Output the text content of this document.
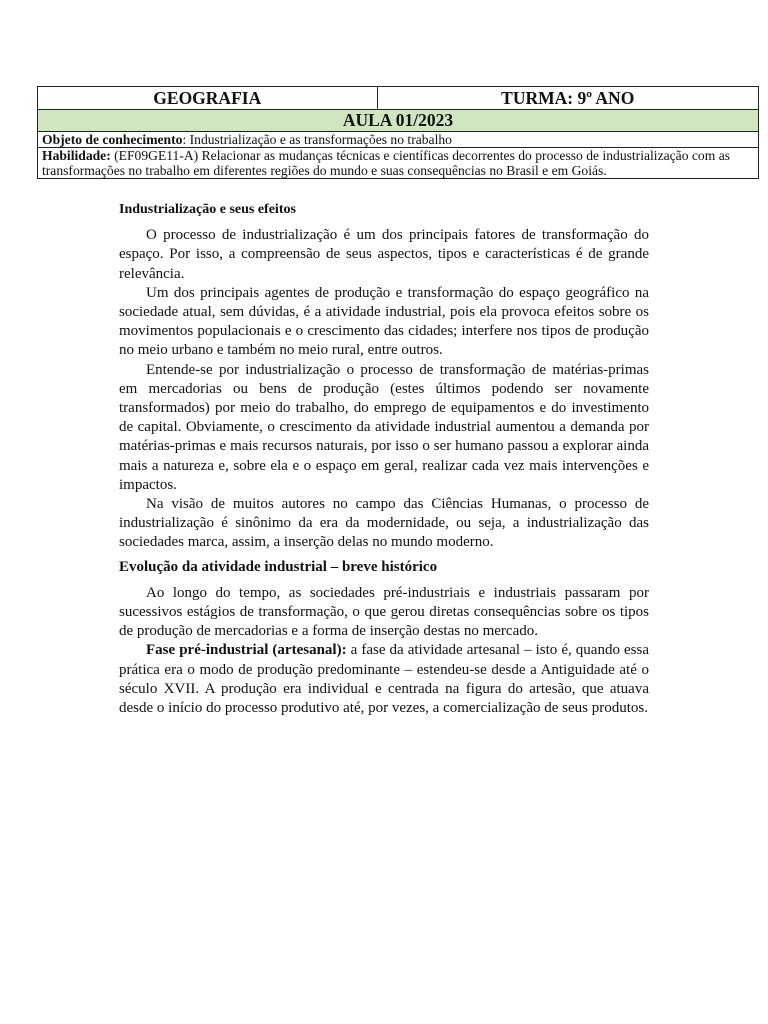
GEOGRAFIA	TURMA: 9º ANO
AULA 01/2023
Objeto de conhecimento: Industrialização e as transformações no trabalho
Habilidade: (EF09GE11-A) Relacionar as mudanças técnicas e científicas decorrentes do processo de industrialização com as transformações no trabalho em diferentes regiões do mundo e suas consequências no Brasil e em Goiás.

Industrialização e seus efeitos

O processo de industrialização é um dos principais fatores de transformação do espaço. Por isso, a compreensão de seus aspectos, tipos e características é de grande relevância.

Um dos principais agentes de produção e transformação do espaço geográfico na sociedade atual, sem dúvidas, é a atividade industrial, pois ela provoca efeitos sobre os movimentos populacionais e o crescimento das cidades; interfere nos tipos de produção no meio urbano e também no meio rural, entre outros.

Entende-se por industrialização o processo de transformação de matérias-primas em mercadorias ou bens de produção (estes últimos podendo ser novamente transformados) por meio do trabalho, do emprego de equipamentos e do investimento de capital. Obviamente, o crescimento da atividade industrial aumentou a demanda por matérias-primas e mais recursos naturais, por isso o ser humano passou a explorar ainda mais a natureza e, sobre ela e o espaço em geral, realizar cada vez mais intervenções e impactos.

Na visão de muitos autores no campo das Ciências Humanas, o processo de industrialização é sinônimo da era da modernidade, ou seja, a industrialização das sociedades marca, assim, a inserção delas no mundo moderno.

Evolução da atividade industrial – breve histórico

Ao longo do tempo, as sociedades pré-industriais e industriais passaram por sucessivos estágios de transformação, o que gerou diretas consequências sobre os tipos de produção de mercadorias e a forma de inserção destas no mercado.

Fase pré-industrial (artesanal): a fase da atividade artesanal – isto é, quando essa prática era o modo de produção predominante – estendeu-se desde a Antiguidade até o século XVII. A produção era individual e centrada na figura do artesão, que atuava desde o início do processo produtivo até, por vezes, a comercialização de seus produtos.
